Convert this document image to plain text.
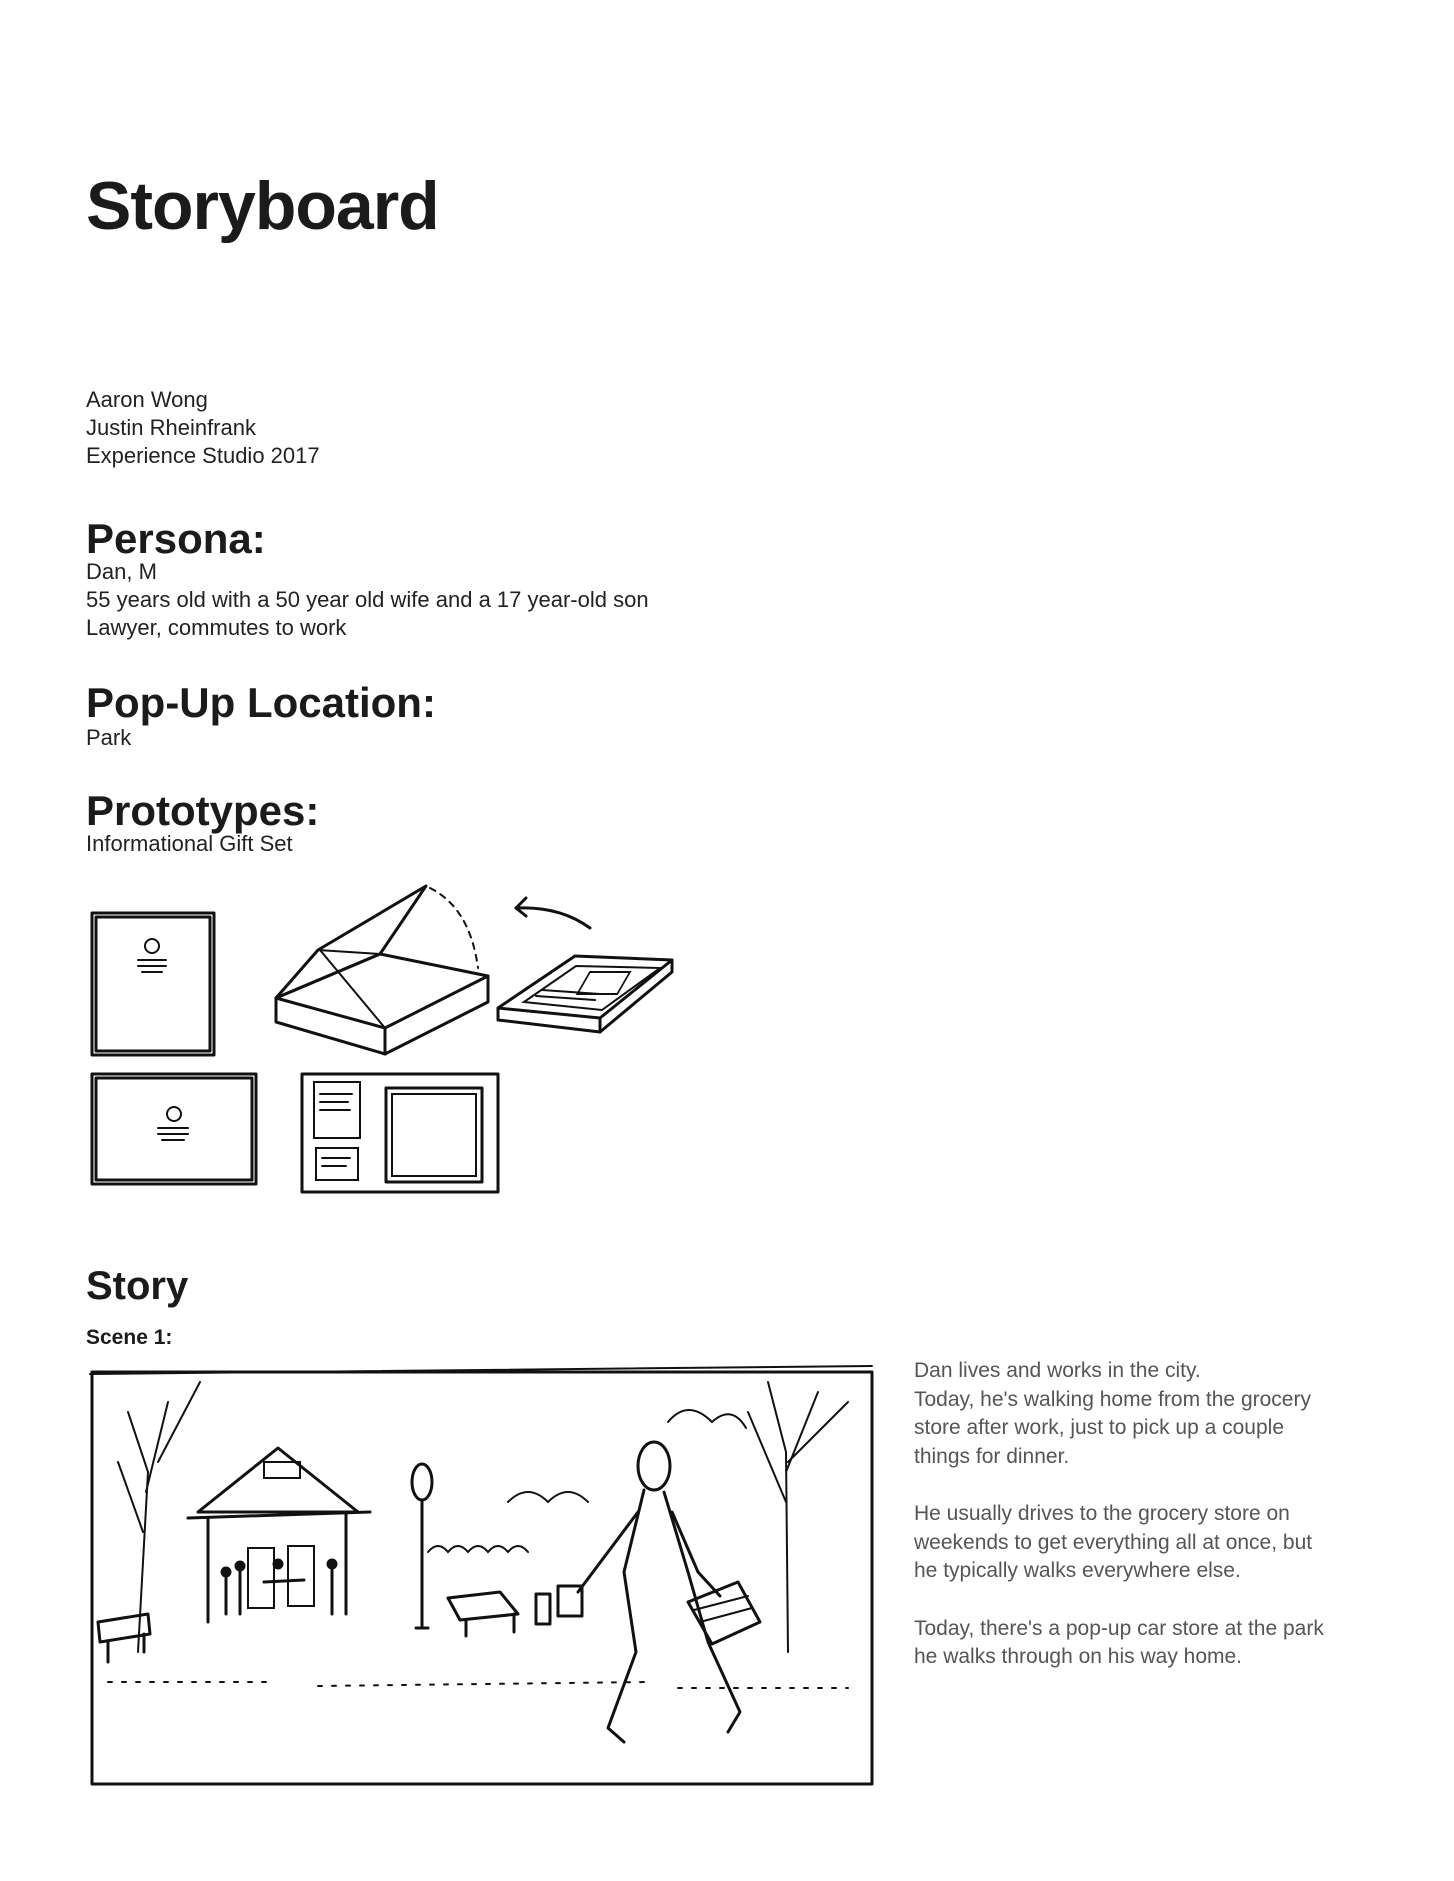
Storyboard
Aaron Wong
Justin Rheinfrank
Experience Studio 2017
Persona:
Dan, M
55 years old with a 50 year old wife and a 17 year-old son
Lawyer, commutes to work
Pop-Up Location:
Park
Prototypes:
Informational Gift Set
Story
Scene 1:

Dan lives and works in the city.
Today, he's walking home from the grocery
store after work, just to pick up a couple
things for dinner.

He usually drives to the grocery store on
weekends to get everything all at once, but
he typically walks everywhere else.

Today, there's a pop-up car store at the park
he walks through on his way home.
